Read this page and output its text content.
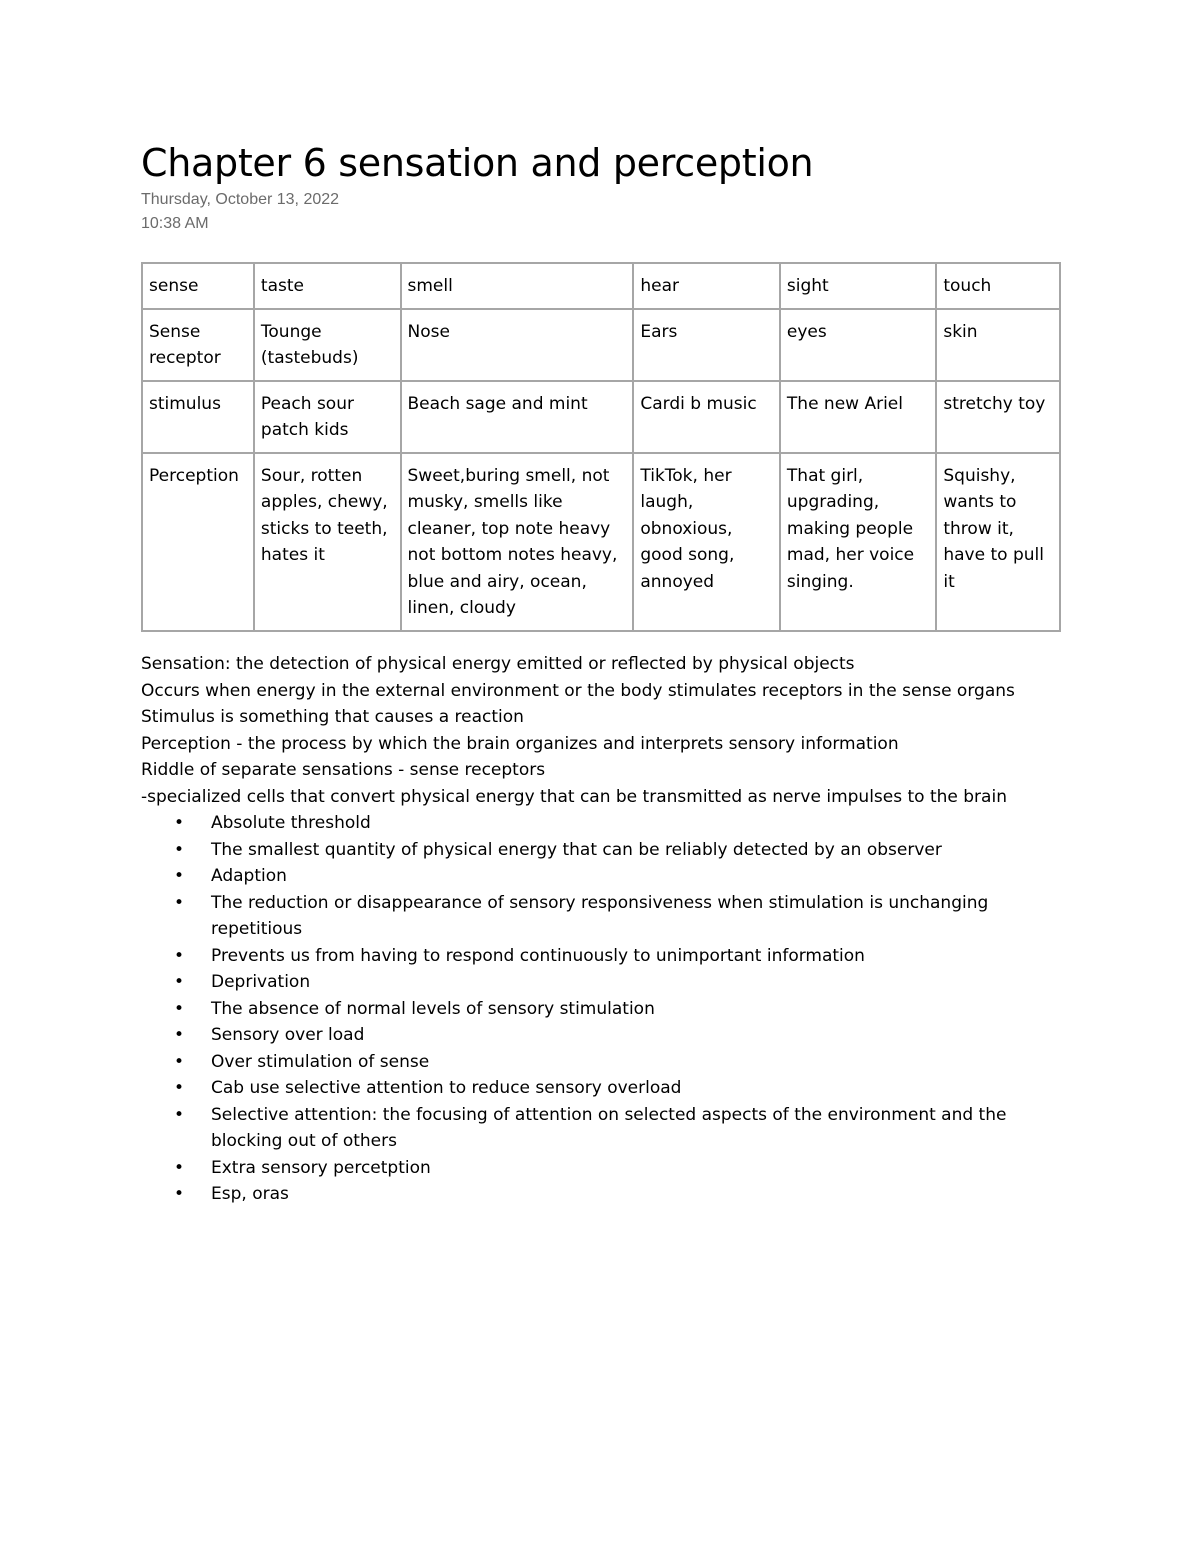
Chapter 6 sensation and perception
Thursday, October 13, 2022
10:38 AM
sense	taste	smell	hear	sight	touch
Sense receptor	Tounge (tastebuds)	Nose	Ears	eyes	skin
stimulus	Peach sour patch kids	Beach sage and mint	Cardi b music	The new Ariel	stretchy toy
Perception	Sour, rotten apples, chewy, sticks to teeth, hates it	Sweet,buring smell, not musky, smells like cleaner, top note heavy not bottom notes heavy, blue and airy, ocean, linen, cloudy	TikTok, her laugh, obnoxious, good song, annoyed	That girl, upgrading, making people mad, her voice singing.	Squishy, wants to throw it, have to pull it

Sensation: the detection of physical energy emitted or reflected by physical objects

Occurs when energy in the external environment or the body stimulates receptors in the sense organs

Stimulus is something that causes a reaction

Perception - the process by which the brain organizes and interprets sensory information

Riddle of separate sensations - sense receptors

-specialized cells that convert physical energy that can be transmitted as nerve impulses to the brain

• Absolute threshold
• The smallest quantity of physical energy that can be reliably detected by an observer
• Adaption
• The reduction or disappearance of sensory responsiveness when stimulation is unchanging repetitious
• Prevents us from having to respond continuously to unimportant information
• Deprivation
• The absence of normal levels of sensory stimulation
• Sensory over load
• Over stimulation of sense
• Cab use selective attention to reduce sensory overload
• Selective attention: the focusing of attention on selected aspects of the environment and the blocking out of others
• Extra sensory percetption
• Esp, oras
